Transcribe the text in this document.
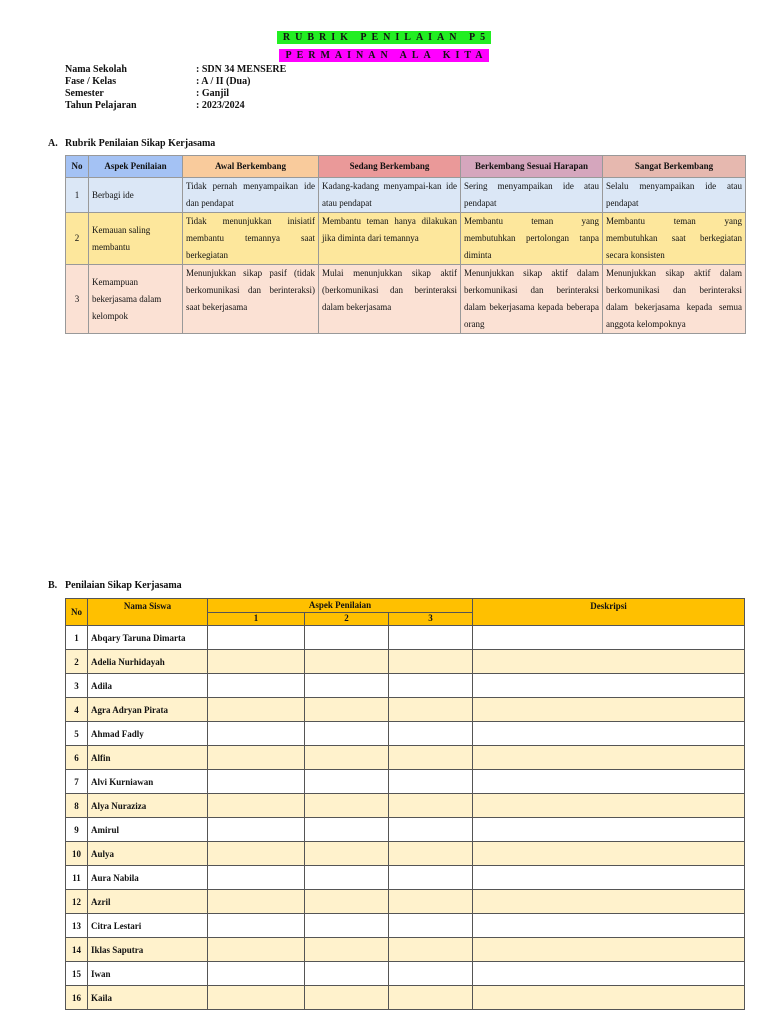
RUBRIK PENILAIAN P5
PERMAINAN ALA KITA
Nama Sekolah	: SDN 34 MENSERE
Fase / Kelas	: A / II (Dua)
Semester	: Ganjil
Tahun Pelajaran	: 2023/2024
A. Rubrik Penilaian Sikap Kerjasama
No	Aspek Penilaian	Awal Berkembang	Sedang Berkembang	Berkembang Sesuai Harapan	Sangat Berkembang
1	Berbagi ide	Tidak pernah menyampaikan ide dan pendapat	Kadang-kadang menyampai-kan ide atau pendapat	Sering menyampaikan ide atau pendapat	Selalu menyampaikan ide atau pendapat
2	Kemauan saling membantu	Tidak menunjukkan inisiatif membantu temannya saat berkegiatan	Membantu teman hanya dilakukan jika diminta dari temannya	Membantu teman yang membutuhkan pertolongan tanpa diminta	Membantu teman yang membutuhkan saat berkegiatan secara konsisten
3	Kemampuan bekerjasama dalam kelompok	Menunjukkan sikap pasif (tidak berkomunikasi dan berinteraksi) saat bekerjasama	Mulai menunjukkan sikap aktif (berkomunikasi dan berinteraksi dalam bekerjasama	Menunjukkan sikap aktif dalam berkomunikasi dan berinteraksi dalam bekerjasama kepada beberapa orang	Menunjukkan sikap aktif dalam berkomunikasi dan berinteraksi dalam bekerjasama kepada semua anggota kelompoknya
B. Penilaian Sikap Kerjasama
No	Nama Siswa	Aspek Penilaian			Deskripsi
		1	2	3	
1	Abqary Taruna Dimarta				
2	Adelia Nurhidayah				
3	Adila				
4	Agra Adryan Pirata				
5	Ahmad Fadly				
6	Alfin				
7	Alvi Kurniawan				
8	Alya Nuraziza				
9	Amirul				
10	Aulya				
11	Aura Nabila				
12	Azril				
13	Citra Lestari				
14	Iklas Saputra				
15	Iwan				
16	Kaila				
